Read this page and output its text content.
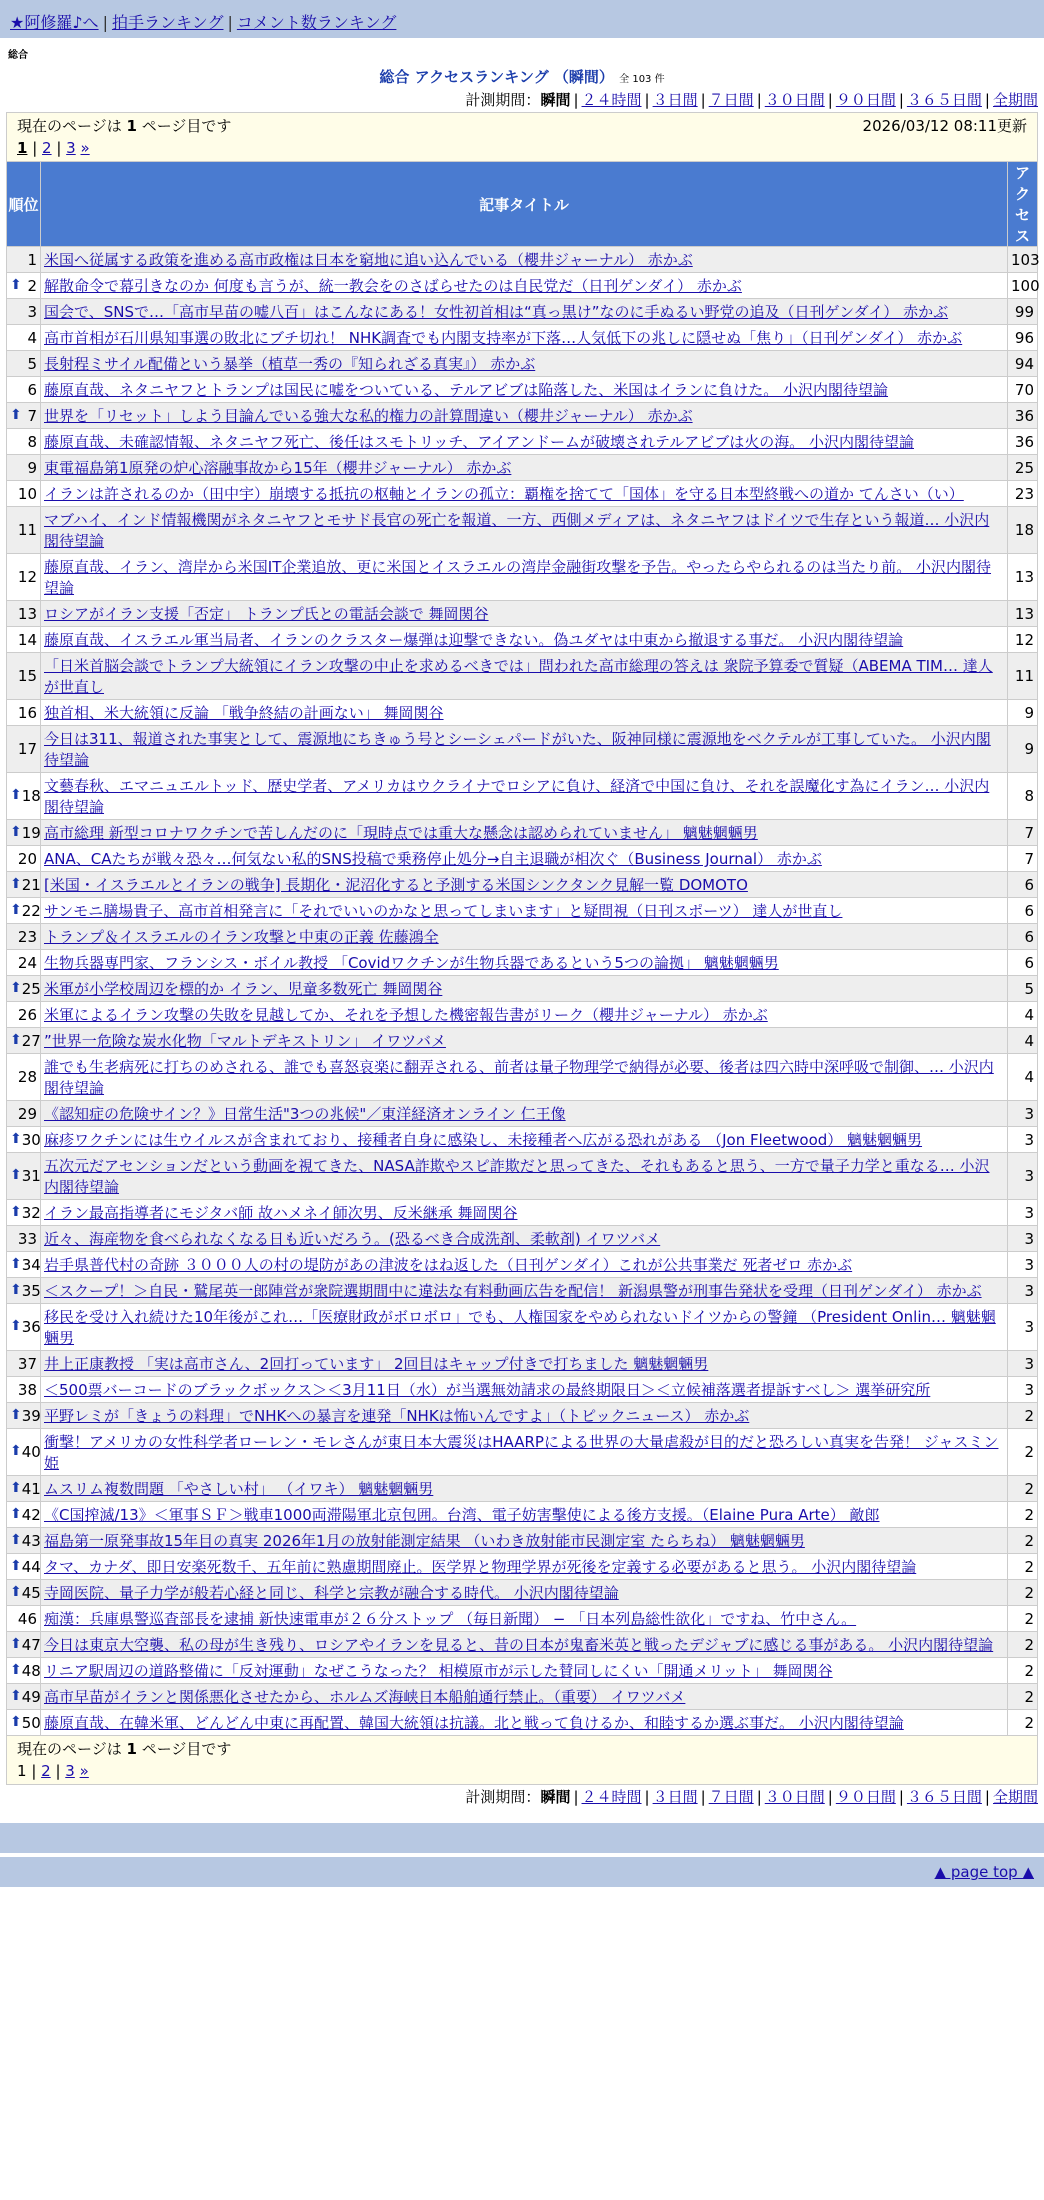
★阿修羅♪へ | 拍手ランキング | コメント数ランキング
総合
総合 アクセスランキング （瞬間） 全 103 件
計測期間：瞬間 | ２４時間 | ３日間 | ７日間 | ３０日間 | ９０日間 | ３６５日間 | 全期間
現在のページは 1 ページ目です	2026/03/12 08:11更新
1 | 2 | 3 »
順位	記事タイトル	アクセス
1	米国へ従属する政策を進める高市政権は日本を窮地に追い込んでいる（櫻井ジャーナル） 赤かぶ	103

⬆ 2	解散命令で幕引きなのか 何度も言うが、統一教会をのさばらせたのは自民党だ（日刊ゲンダイ） 赤かぶ	100
3	国会で、SNSで…「高市早苗の嘘八百」はこんなにある！女性初首相は“真っ黒け”なのに手ぬるい野党の追及（日刊ゲンダイ） 赤かぶ	99
4	高市首相が石川県知事選の敗北にブチ切れ！ NHK調査でも内閣支持率が下落…人気低下の兆しに隠せぬ「焦り」（日刊ゲンダイ） 赤かぶ	96
5	長射程ミサイル配備という暴挙（植草一秀の『知られざる真実』） 赤かぶ	94
6	藤原直哉、ネタニヤフとトランプは国民に嘘をついている、テルアビブは陥落した、米国はイランに負けた。 小沢内閣待望論	70

⬆ 7	世界を「リセット」しよう目論んでいる強大な私的権力の計算間違い（櫻井ジャーナル） 赤かぶ	36
8	藤原直哉、未確認情報、ネタニヤフ死亡、後任はスモトリッチ、アイアンドームが破壊されテルアビブは火の海。 小沢内閣待望論	36
9	東電福島第1原発の炉心溶融事故から15年（櫻井ジャーナル） 赤かぶ	25
10	イランは許されるのか（田中宇）崩壊する抵抗の枢軸とイランの孤立：覇権を捨てて「国体」を守る日本型終戦への道か てんさい（い）	23
11	マブハイ、インド情報機関がネタニヤフとモサド長官の死亡を報道、一方、西側メディアは、ネタニヤフはドイツで生存という報道… 小沢内閣待望論	18
12	藤原直哉、イラン、湾岸から米国IT企業追放、更に米国とイスラエルの湾岸金融街攻撃を予告。やったらやられるのは当たり前。 小沢内閣待望論	13
13	ロシアがイラン支援「否定」 トランプ氏との電話会談で 舞岡関谷	13
14	藤原直哉、イスラエル軍当局者、イランのクラスター爆弾は迎撃できない。偽ユダヤは中東から撤退する事だ。 小沢内閣待望論	12
15	「日米首脳会談でトランプ大統領にイラン攻撃の中止を求めるべきでは」問われた高市総理の答えは 衆院予算委で質疑（ABEMA TIM… 達人が世直し	11
16	独首相、米大統領に反論 「戦争終結の計画ない」 舞岡関谷	9
17	今日は311、報道された事実として、震源地にちきゅう号とシーシェパードがいた、阪神同様に震源地をベクテルが工事していた。 小沢内閣待望論	9

⬆ 18	文藝春秋、エマニュエルトッド、歴史学者、アメリカはウクライナでロシアに負け、経済で中国に負け、それを誤魔化す為にイラン… 小沢内閣待望論	8

⬆ 19	高市総理 新型コロナワクチンで苦しんだのに「現時点では重大な懸念は認められていません」 魑魅魍魎男	7
20	ANA、CAたちが戦々恐々…何気ない私的SNS投稿で乗務停止処分→自主退職が相次ぐ（Business Journal） 赤かぶ	7

⬆ 21	[米国・イスラエルとイランの戦争] 長期化・泥沼化すると予測する米国シンクタンク見解一覧 DOMOTO	6

⬆ 22	サンモニ膳場貴子、高市首相発言に「それでいいのかなと思ってしまいます」と疑問視（日刊スポーツ） 達人が世直し	6
23	トランプ＆イスラエルのイラン攻撃と中東の正義 佐藤鴻全	6
24	生物兵器専門家、フランシス・ボイル教授 「Covidワクチンが生物兵器であるという5つの論拠」 魑魅魍魎男	6

⬆ 25	米軍が小学校周辺を標的か イラン、児童多数死亡 舞岡関谷	5
26	米軍によるイラン攻撃の失敗を見越してか、それを予想した機密報告書がリーク（櫻井ジャーナル） 赤かぶ	4

⬆ 27	”世界一危険な炭水化物「マルトデキストリン」 イワツバメ	4
28	誰でも生老病死に打ちのめされる、誰でも喜怒哀楽に翻弄される、前者は量子物理学で納得が必要、後者は四六時中深呼吸で制御、… 小沢内閣待望論	4
29	《認知症の危険サイン？》日常生活"3つの兆候"／東洋経済オンライン 仁王像	3

⬆ 30	麻疹ワクチンには生ウイルスが含まれており、接種者自身に感染し、未接種者へ広がる恐れがある （Jon Fleetwood） 魑魅魍魎男	3

⬆ 31	五次元だアセンションだという動画を視てきた、NASA詐欺やスピ詐欺だと思ってきた、それもあると思う、一方で量子力学と重なる… 小沢内閣待望論	3

⬆ 32	イラン最高指導者にモジタバ師 故ハメネイ師次男、反米継承 舞岡関谷	3
33	近々、海産物を食べられなくなる日も近いだろう。(恐るべき合成洗剤、柔軟剤) イワツバメ	3

⬆ 34	岩手県普代村の奇跡 ３０００人の村の堤防があの津波をはね返した（日刊ゲンダイ）これが公共事業だ 死者ゼロ 赤かぶ	3

⬆ 35	＜スクープ！＞自民・鷲尾英一郎陣営が衆院選期間中に違法な有料動画広告を配信！ 新潟県警が刑事告発状を受理（日刊ゲンダイ） 赤かぶ	3

⬆ 36	移民を受け入れ続けた10年後がこれ…「医療財政がボロボロ」でも、人権国家をやめられないドイツからの警鐘 （President Onlin… 魑魅魍魎男	3
37	井上正康教授 「実は高市さん、2回打っています」 2回目はキャップ付きで打ちました 魑魅魍魎男	3
38	＜500票バーコードのブラックボックス＞＜3月11日（水）が当選無効請求の最終期限日＞＜立候補落選者提訴すべし＞ 選挙研究所	3

⬆ 39	平野レミが「きょうの料理」でNHKへの暴言を連発「NHKは怖いんですよ」（トピックニュース） 赤かぶ	2

⬆ 40	衝撃！アメリカの女性科学者ローレン・モレさんが東日本大震災はHAARPによる世界の大量虐殺が目的だと恐ろしい真実を告発！ ジャスミン姫	2

⬆ 41	ムスリム複数問題 「やさしい村」 （イワキ） 魑魅魍魎男	2

⬆ 42	《C国搾滅/13》＜軍事ＳＦ＞戦車1000両滞陽軍北京包囲。台湾、電子妨害擊使による後方支援。（Elaine Pura Arte） 敵郎	2

⬆ 43	福島第一原発事故15年目の真実 2026年1月の放射能測定結果 （いわき放射能市民測定室 たらちね） 魑魅魍魎男	2

⬆ 44	タマ、カナダ、即日安楽死数千、五年前に熟慮期間廃止。医学界と物理学界が死後を定義する必要があると思う。 小沢内閣待望論	2

⬆ 45	寺岡医院、量子力学が般若心経と同じ、科学と宗教が融合する時代。 小沢内閣待望論	2
46	痴漢：兵庫県警巡査部長を逮捕 新快速電車が２６分ストップ （毎日新聞） − 「日本列島総性欲化」ですね、竹中さん。	2

⬆ 47	今日は東京大空襲、私の母が生き残り、ロシアやイランを見ると、昔の日本が鬼畜米英と戦ったデジャブに感じる事がある。 小沢内閣待望論	2

⬆ 48	リニア駅周辺の道路整備に「反対運動」なぜこうなった？ 相模原市が示した賛同しにくい「開通メリット」 舞岡関谷	2

⬆ 49	高市早苗がイランと関係悪化させたから、ホルムズ海峡日本船舶通行禁止。（重要） イワツバメ	2

⬆ 50	藤原直哉、在韓米軍、どんどん中東に再配置、韓国大統領は抗議。北と戦って負けるか、和睦するか選ぶ事だ。 小沢内閣待望論	2
現在のページは 1 ページ目です
1 | 2 | 3 »
計測期間：瞬間 | ２４時間 | ３日間 | ７日間 | ３０日間 | ９０日間 | ３６５日間 | 全期間
▲ page top ▲
